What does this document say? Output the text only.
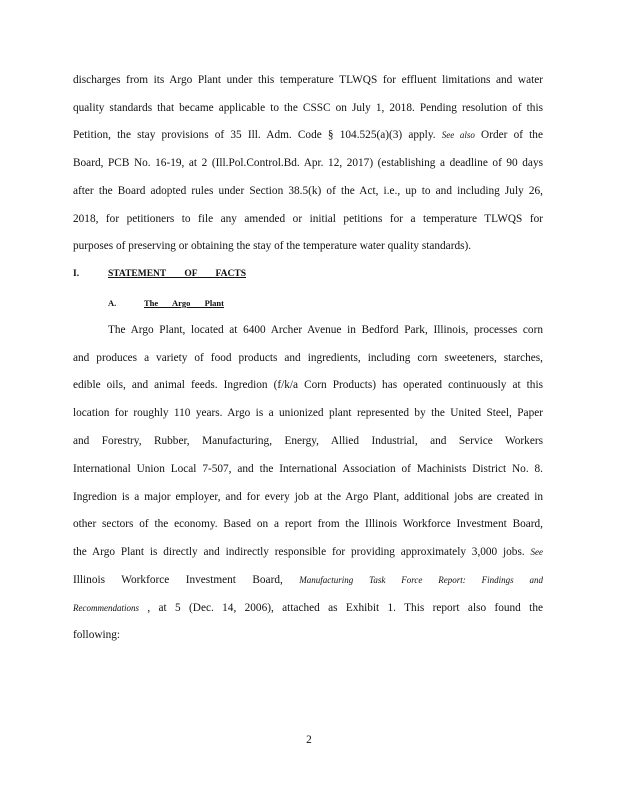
discharges from its Argo Plant under this temperature TLWQS for effluent limitations and water
quality standards that became applicable to the CSSC on July 1, 2018. Pending resolution of this
Petition, the stay provisions of 35 Ill. Adm. Code § 104.525(a)(3) apply. See also Order of the
Board, PCB No. 16-19, at 2 (Ill.Pol.Control.Bd. Apr. 12, 2017) (establishing a deadline of 90 days
after the Board adopted rules under Section 38.5(k) of the Act, i.e., up to and including July 26,
2018, for petitioners to file any amended or initial petitions for a temperature TLWQS for
purposes of preserving or obtaining the stay of the temperature water quality standards).
I.	STATEMENT OF FACTS
A.	The Argo Plant
The Argo Plant, located at 6400 Archer Avenue in Bedford Park, Illinois, processes corn
and produces a variety of food products and ingredients, including corn sweeteners, starches,
edible oils, and animal feeds. Ingredion (f/k/a Corn Products) has operated continuously at this
location for roughly 110 years. Argo is a unionized plant represented by the United Steel, Paper
and Forestry, Rubber, Manufacturing, Energy, Allied Industrial, and Service Workers
International Union Local 7-507, and the International Association of Machinists District No. 8.
Ingredion is a major employer, and for every job at the Argo Plant, additional jobs are created in
other sectors of the economy. Based on a report from the Illinois Workforce Investment Board,
the Argo Plant is directly and indirectly responsible for providing approximately 3,000 jobs. See
Illinois Workforce Investment Board, Manufacturing Task Force Report: Findings and
Recommendations , at 5 (Dec. 14, 2006), attached as Exhibit 1. This report also found the
following:
2
